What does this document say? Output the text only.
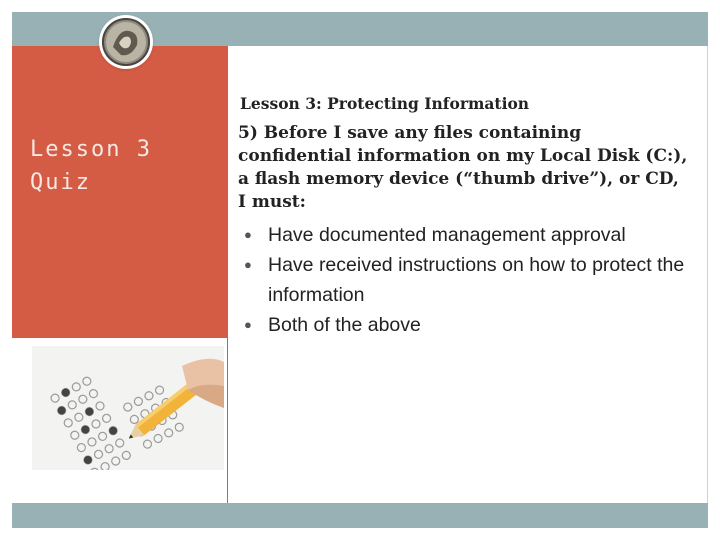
Lesson 3
Quiz
Lesson 3: Protecting Information
5) Before I save any files containing confidential information on my Local Disk (C:), a flash memory device (“thumb drive”), or CD, I must:
● Have documented management approval
● Have received instructions on how to protect the information
● Both of the above
